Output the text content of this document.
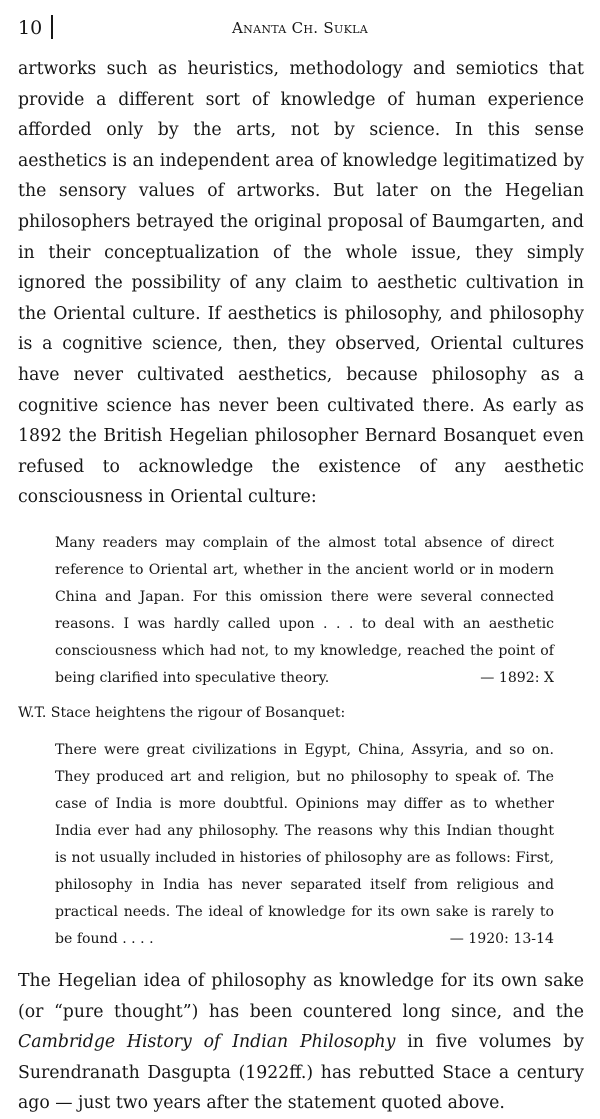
10	Ananta Ch. Sukla

artworks such as heuristics, methodology and semiotics that provide a different sort of knowledge of human experience afforded only by the arts, not by science. In this sense aesthetics is an independent area of knowledge legitimatized by the sensory values of artworks. But later on the Hegelian philosophers betrayed the original proposal of Baumgarten, and in their conceptualization of the whole issue, they simply ignored the possibility of any claim to aesthetic cultivation in the Oriental culture. If aesthetics is philosophy, and philosophy is a cognitive science, then, they observed, Oriental cultures have never cultivated aesthetics, because philosophy as a cognitive science has never been cultivated there. As early as 1892 the British Hegelian philosopher Bernard Bosanquet even refused to acknowledge the existence of any aesthetic consciousness in Oriental culture:

Many readers may complain of the almost total absence of direct reference to Oriental art, whether in the ancient world or in modern China and Japan. For this omission there were several connected reasons. I was hardly called upon . . . to deal with an aesthetic consciousness which had not, to my knowledge, reached the point of being clarified into speculative theory.	— 1892: X

W.T. Stace heightens the rigour of Bosanquet:

There were great civilizations in Egypt, China, Assyria, and so on. They produced art and religion, but no philosophy to speak of. The case of India is more doubtful. Opinions may differ as to whether India ever had any philosophy. The reasons why this Indian thought is not usually included in histories of philosophy are as follows: First, philosophy in India has never separated itself from religious and practical needs. The ideal of knowledge for its own sake is rarely to be found . . . .	— 1920: 13-14

The Hegelian idea of philosophy as knowledge for its own sake (or “pure thought”) has been countered long since, and the Cambridge History of Indian Philosophy in five volumes by Surendranath Dasgupta (1922ff.) has rebutted Stace a century ago — just two years after the statement quoted above.
